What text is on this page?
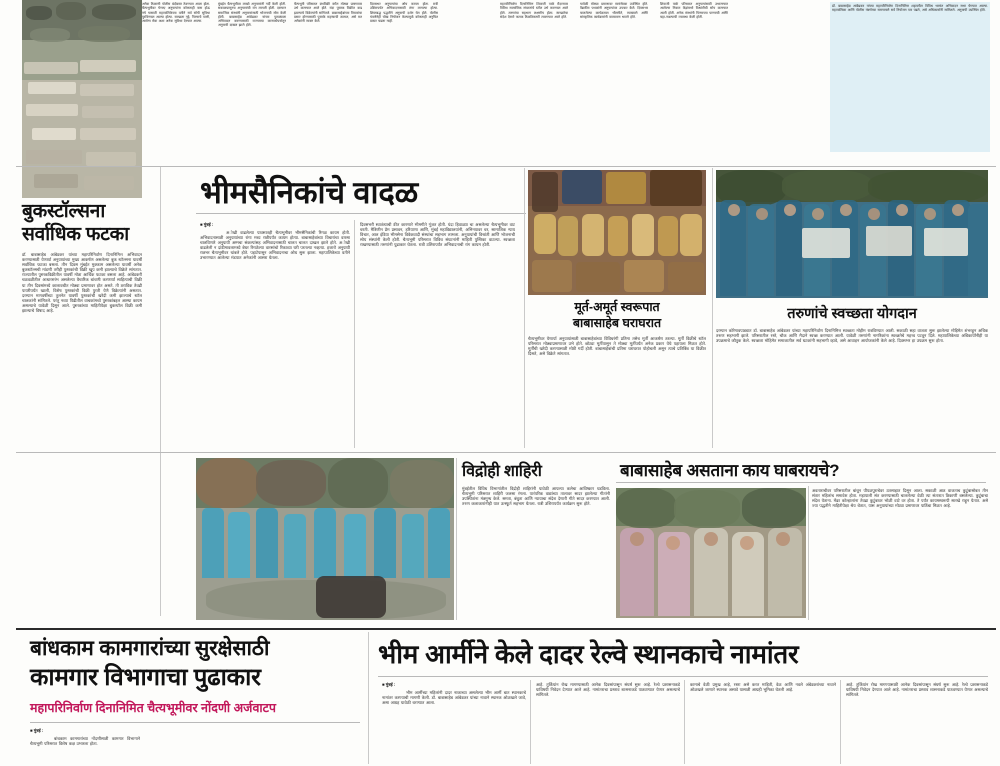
अनेक ठिकाणी पोलीस बंदोबस्त ठेवण्यात आला होता. चैत्यभूमीवर येणाए अनुयायांना कोणताही त्रास होऊ नये यासाठी महापालिकेच्या वतीने सर्व सोयी सुविधा पुरविण्यात आल्या होत्या. स्वच्छता गृहे, पिण्याचे पाणी, आरोग्य सेवा अशा अनेक सुविधा देण्यात आल्या.
मुंबईत चैत्यभूमीवर लाखो अनुयायांनी गर्दी केली होती. सकाळपासूनच अनुयायांची रांग लागली होती. दरम्यान समाजिक संस्थांनी अनुयायांसाठी भोजनाची सोय केली होती. बाबासाहेब आंबेडकर यांच्या पुतळ्याला अभिवादन करण्यासाठी राज्याच्या कानाकोपर्यातून अनुयायी दाखल झाले होते.
चैत्यभूमी परिसरात ग्रंथविक्री स्टॉल मोठ्या प्रमाणावर उभे करण्यात आले होते. यंदा पुस्तक विक्रीत वाढ झाल्याचे विक्रेत्यांनी सांगितले. बाबासाहेबांच्या विचारांचा प्रसार होण्यासाठी पुस्तके महत्त्वाची ठरतात, असे मत अनेकांनी व्यक्त केले.
दिवसभर अनुयायांचा ओघ कायम होता. रात्री उशिरापर्यंत अभिवादनासाठी रांगा लागल्या होत्या. शिस्तबद्ध पद्धतीने अनुयायी दर्शन घेत होते. पोलीस यंत्रणेनेही चोख नियोजन केल्यामुळे कोणताही अनुचित प्रकार घडला नाही.
महापरिनिर्वाण दिनानिमित्त शिवाजी पार्क मैदानावर विविध सामाजिक संघटनांचे स्टॉल उभे करण्यात आले होते. तरुणांचा सहभाग लक्षणीय होता. स्वच्छतेचा संदेश देणारे फलक ठिकठिकाणी लावण्यात आले होते.
यावेळी मोठ्या प्रमाणावर स्वयंसेवक उपस्थित होते. वैद्यकीय पथकांनी अनुयायांवर उपचार केले. दिवसभर चाललेल्या कार्यक्रमात भीमगीते, व्याख्याने आणि सांस्कृतिक कार्यक्रमांनी वातावरण भारले होते.
शिवाजी पार्क परिसरात अनुयायांसाठी उभारण्यात आलेल्या निवारा केंद्रांमध्ये विश्रांतीची सोय करण्यात आली होती. अनेक संस्थांनी पिण्याच्या पाण्याची आणि चहा-नाश्त्याची व्यवस्था केली होती.
डॉ. बाबासाहेब आंबेडकर यांच्या महापरिनिर्वाण दिनानिमित्त शहरातील विविध भागांत अभिवादन सभा घेण्यात आल्या. महापालिका आणि पोलीस यंत्रणेच्या समन्वयाने सर्व नियोजन पार पडले, असे अधिकार्यांनी सांगितले. अनुयायी उपस्थित होते.
बुकस्टॉल्सना
सर्वाधिक फटका
डॉ. बाबासाहेब आंबेडकर यांच्या महापरिनिर्वाण दिनानिमित्त अभिवादन करण्यासाठी येणार्या अनुयायांच्या मुख्य आकर्षण असलेल्या बुक स्टॉल्सना यावर्षी सर्वाधिक फटका बसला. तीन दिवस मुंबईत मुक्काम असलेल्या यावर्षी अनेक बुकस्टॉल्सची मांडणी तरीही पुस्तकांची विक्री खूप कमी झाल्याचे विक्रेते सांगतात. राज्यातील पुस्तकविक्रीतील यावर्षी मोठा आर्थिक फटका बसला आहे. आंबेडकरी चळवळीतील आधारस्तंभ असलेल्या वैचारिक बांधणी करणार्या साहित्याची विक्री या तीन दिवसांमध्ये कालावधीत मोठ्या प्रमाणावर होत असते. ती ठराविक तेवढी पायरीपर्यंत खाली, विशेष पुस्तकांची विक्री पुरती येणे विक्रेत्यांनी असतात. दरम्यान मागवर्षीच्या तुलनेत यावर्षी पुस्तकांची खरेदी कमी झाल्याचे स्टॉल चालकांनी सांगितले. परंतु नव्या पिढीतील वाचकांमध्ये पुस्तकांबद्दल आस्था कायम असल्याचे यावेळी दिसून आले. पुस्तकांच्या माहितीपेक्षा बुकस्टॉल विक्री कमी झाल्याचे विषाद आहे.
भीमसैनिकांचे वादळ
■ मुंबई :
अोखी वाढलेल्या पावसातही चैत्यभूमीवर भीमसैनिकांची रिगळ कायम होती. अभिवादनासाठी अनुयायांच्या रांगा मध्य रात्रीपर्यंत कायम होत्या. बाबासाहेबांच्या विचारांचा वारसा चालविणारे अनुयायी अम्मचा संकल्पांसह अभिवादनासाठी चालत चालत दाखल झाले होते. अोखी वाढलेली न दांडीमावलामध्ये बेघर रिगळेल्या वारसांचो रिकाव्या घरी परतल्या नव्हत्या. हजारो अनुयायी रात्रभर चैत्यभूमीवर थांबले होते. पहाटेपासून अभिवादनाचा ओघ सुरू झाला. महापालिकेच्या वतीने उभारण्यात आलेल्या मंडपात अनेकांनी आसरा घेतला.
दिवसभरी स्वातंत्र्याची ङीत कारणारे भीमगीते गूंजत होती. यंदा हिवाळ्या चा असलेल्या चैत्यभूमीवर वाट धरती. मैत्रिणीन प्रेम प्रसावन, हरियाणा आणि, मुंबई महाविद्यालयांनी, अभिनयावर धर, सामाजिक न्याय विचार, आल इंडिया भीमसेना विवेकवादी संस्थांचा सहभाग लाभला. अनुयायांची विश्रांती आणि भोजनाची सोय संस्थांनी केली होती. चैत्यभूमी परिसरात विविध संघटनांनी माहिती पुस्तिका वाटल्या. स्वच्छता राखण्यासाठी तरुणांनी पुढाकार घेतला. रात्री उशिरापर्यंत अभिवादनाची रांग कायम होती.
मूर्त-अमूर्त स्वरूपात
बाबासाहेब घराघरात
चैत्यभूमीवर येणार्या अनुयायांसाठी बाबासाहेबांच्या विविधरंगी प्रतिमा तसेच मूर्ती आकर्षण ठरल्या. मूर्ती विक्रीचे स्टॉल परिसरात मोठ्याप्रमाणावर उभे होते. छोट्या मूर्तीपासून ते मोठ्या मूर्तीपर्यंत अनेक प्रकार येथे पहायला मिळत होते. मूर्तींची खरेदी करण्यासाठी मोठी गर्दी होती. बाबासाहेबांची प्रतिमा घराघरात पोहोचली असून त्याचे प्रतिबिंब या विक्रीत दिसते, असे विक्रेते सांगतात.
तरुणांचे स्वच्छता योगदान
दरम्यान कोरेगावपाड्यात डॉ. बाबासाहेब आंबेडकर यांच्या महापरिनिर्वाण दिनानिमित्त स्वच्छता मोहीम राबविण्यात आली. सकाळी सहा वाजता सुरू झालेल्या मोहिमेत शंभरहून अधिक तरूण सहभागी झाले. परिसरातील रस्ते, चौक आणि मैदाने स्वच्छ करण्यात आली. यावेळी तरुणांनी नागरिकांना स्वच्छतेचे महत्त्व पटवून दिले. महापालिकेच्या अधिकार्यांनीही या उपक्रमाचे कौतुक केले. स्वच्छता मोहिमेत समाजातील सर्व घटकांनी सहभागी व्हावे, असे आवाहन आयोजकांनी केले आहे. दिवसभर हा उपक्रम सुरू होता.
विद्रोही शाहिरी
मुंबईतील विविध विभागांतील विद्रोही शाहिरांनी यावेळी आपल्या कलेचा आविष्कार घडविला. चैत्यभूमी परिसरात शाहिरी जलसा रंगला. पारंपरिक वाद्यांच्या तालावर सादर झालेल्या गीतांनी उपस्थितांना मंत्रमुग्ध केले. समता, बंधुता आणि न्यायाचा संदेश देणारी गीते सादर करण्यात आली. तरुण कलाकारांनीही यात उत्स्फूर्त सहभाग घेतला. रात्री उशिरापर्यंत कार्यक्रम सुरू होते.
बाबासाहेब असताना काय घाबरायचे?
अवताराचीवर परिसरातील बांधून पीपळपुराचेवर उतसाहात दिसून आला. सकाळी आठ वाजताच कुटुंबासोबत तीन संतार महिलांच समावेश होता. महापाली संत करण्यासाठी चाललेल्या वेळी त्या संतारात ठिकाणी बसलेल्या. कुटुंबाचा संदेश येताना. मेंढर कोल्हालांना तेवढा कुटुंबावर भोळी वाटे वर होता. ते पर्यंत कायमस्वरूपी सारखे राहून येतात. असे ज्या पद्धतीने माहितीपेक्षा श्रेय धेतात, यास अनुयायांच्या मोट्या प्रमाणावर पाठिंबा मिळत आहे.
बांधकाम कामगारांच्या सुरक्षेसाठी
कामगार विभागाचा पुढाकार
महापरिनिर्वाण दिनानिमित चैत्यभूमीवर नोंदणी अर्जवाटप
■ मुंबई :
बांधकाम कामगारांच्या नोंदणीसाठी कामगार विभागाने चैत्यभूमी परिसरात विशेष कक्ष उभारला होता.
भीम आर्मीने केले दादर रेल्वे स्थानकाचे नामांतर
■ मुंबई :
भीम आर्मीच्या महिलांनी दादर नाकाच्या असलेल्या भीम आर्मी बात स्थानकाचे नामांतर करण्याची मागणी केली. डॉ. बाबासाहेब आंबेडकर यांच्या नावाने स्थानक ओळखले जावे, असा आग्रह यावेळी धरण्यात आला.
आहे. तुर्कियांन रोख मागण्यासाठी आनेक दिवसांपासून संघर्ष सुरू आहे. रेल्वे प्रशासनाकडे याविषयी निवेदन देण्यात आले आहे. नामांतराचा प्रस्ताव शासनाकडे पाठवण्यात येणार असल्याचे सांगितले.
कामाचे वेळी प्रमुख आहे, रस्ता असे करत माहिती, वेळ आणि नवले अंबेडकरांच्या नावाने ओळखले जाणारे स्थानक असावे यासाठी आग्रही भूमिका घेतली आहे.
आहे. तुर्कियांन रोख मागण्यासाठी आनेक दिवसांपासून संघर्ष सुरू आहे. रेल्वे प्रशासनाकडे याविषयी निवेदन देण्यात आले आहे. नामांतराचा प्रस्ताव शासनाकडे पाठवण्यात येणार असल्याचे सांगितले.
